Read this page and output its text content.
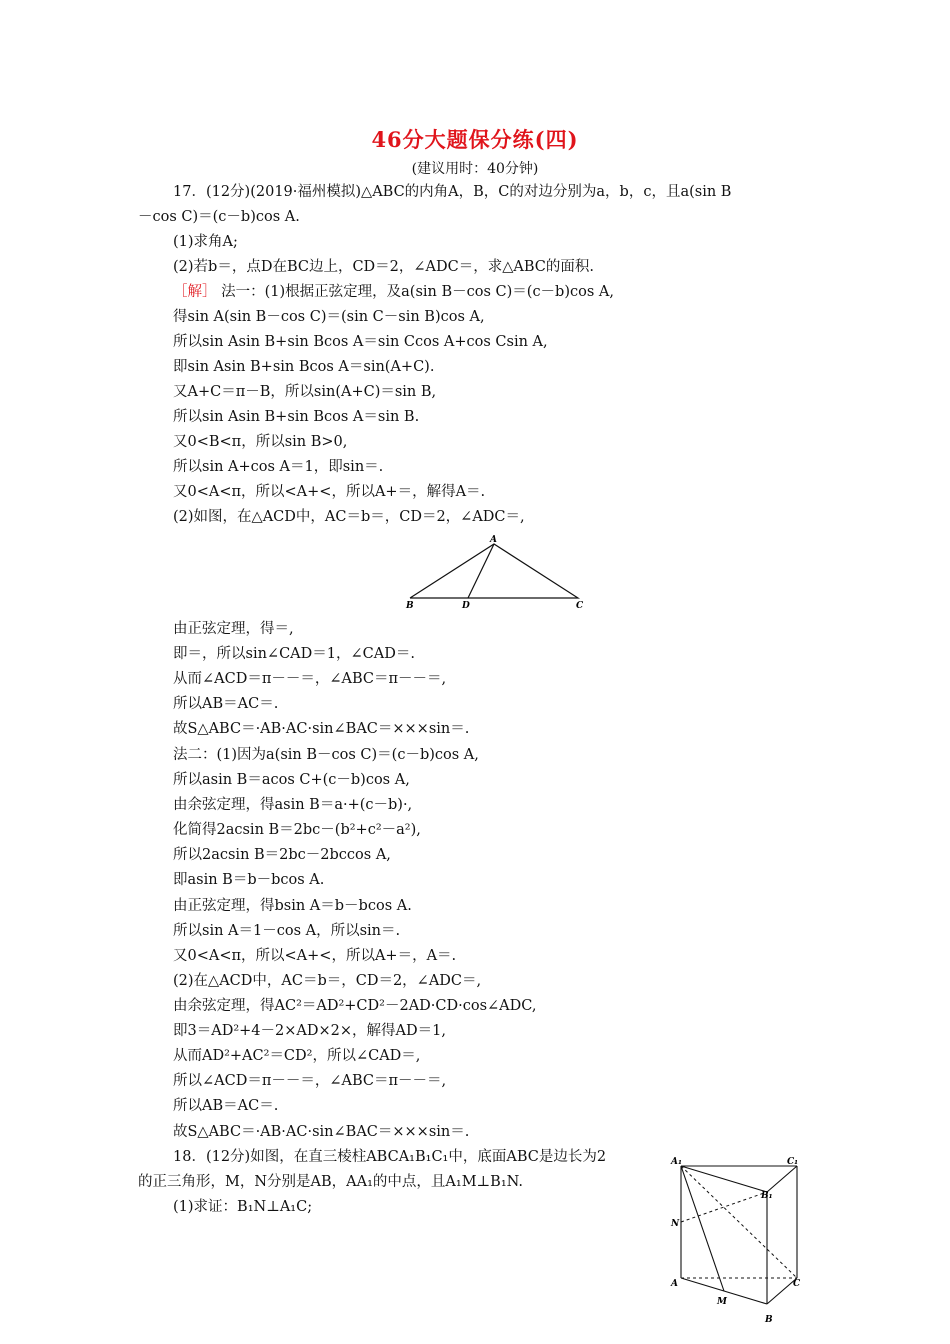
46分大题保分练(四)
(建议用时：40分钟)
17．(12分)(2019·福州模拟)△ABC的内角A，B，C的对边分别为a，b，c，且a(sin B
－cos C)＝(c－b)cos A.
(1)求角A;
(2)若b＝，点D在BC边上，CD＝2，∠ADC＝，求△ABC的面积.
［解］ 法一：(1)根据正弦定理，及a(sin B－cos C)＝(c－b)cos A,
得sin A(sin B－cos C)＝(sin C－sin B)cos A,
所以sin Asin B+sin Bcos A＝sin Ccos A+cos Csin A,
即sin Asin B+sin Bcos A＝sin(A+C).
又A+C＝π－B，所以sin(A+C)＝sin B,
所以sin Asin B+sin Bcos A＝sin B.
又0<B<π，所以sin B>0,
所以sin A+cos A＝1，即sin＝.
又0<A<π，所以<A+<，所以A+＝，解得A＝.
(2)如图，在△ACD中，AC＝b＝，CD＝2，∠ADC＝,
A
B	D	C
由正弦定理，得＝,
即＝，所以sin∠CAD＝1，∠CAD＝.
从而∠ACD＝π－－＝，∠ABC＝π－－＝,
所以AB＝AC＝.
故S△ABC＝·AB·AC·sin∠BAC＝×××sin＝.
法二：(1)因为a(sin B－cos C)＝(c－b)cos A,
所以asin B＝acos C+(c－b)cos A,
由余弦定理，得asin B＝a·+(c－b)·,
化简得2acsin B＝2bc－(b²+c²－a²),
所以2acsin B＝2bc－2bccos A,
即asin B＝b－bcos A.
由正弦定理，得bsin A＝b－bcos A.
所以sin A＝1－cos A，所以sin＝.
又0<A<π，所以<A+<，所以A+＝，A＝.
(2)在△ACD中，AC＝b＝，CD＝2，∠ADC＝,
由余弦定理，得AC²＝AD²+CD²－2AD·CD·cos∠ADC,
即3＝AD²+4－2×AD×2×，解得AD＝1,
从而AD²+AC²＝CD²，所以∠CAD＝,
所以∠ACD＝π－－＝，∠ABC＝π－－＝,
所以AB＝AC＝.
故S△ABC＝·AB·AC·sin∠BAC＝×××sin＝.
18．(12分)如图，在直三棱柱ABCA₁B₁C₁中，底面ABC是边长为2
的正三角形，M，N分别是AB，AA₁的中点，且A₁M⊥B₁N.
(1)求证：B₁N⊥A₁C;
A₁	C₁
B₁
N
A	C
M
B
